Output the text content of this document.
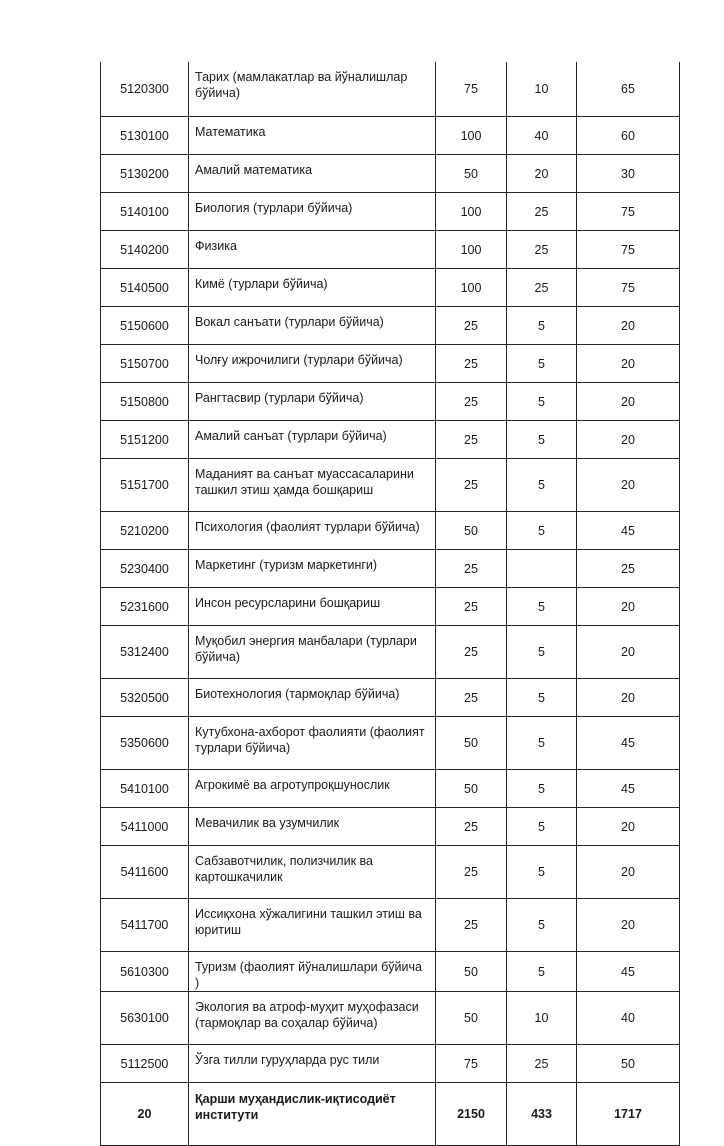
5120300	Тарих (мамлакатлар ва йўналишлар бўйича)	75	10	65
5130100	Математика	100	40	60
5130200	Амалий математика	50	20	30
5140100	Биология (турлари бўйича)	100	25	75
5140200	Физика	100	25	75
5140500	Кимё (турлари бўйича)	100	25	75
5150600	Вокал санъати (турлари бўйича)	25	5	20
5150700	Чолғу ижрочилиги (турлари бўйича)	25	5	20
5150800	Рангтасвир (турлари бўйича)	25	5	20
5151200	Амалий санъат (турлари бўйича)	25	5	20
5151700	Маданият ва санъат муассасаларини ташкил этиш ҳамда бошқариш	25	5	20
5210200	Психология (фаолият турлари бўйича)	50	5	45
5230400	Маркетинг (туризм маркетинги)	25		25
5231600	Инсон ресурсларини бошқариш	25	5	20
5312400	Муқобил энергия манбалари (турлари бўйича)	25	5	20
5320500	Биотехнология (тармоқлар бўйича)	25	5	20
5350600	Кутубхона-ахборот фаолияти (фаолият турлари бўйича)	50	5	45
5410100	Агрокимё ва агротупроқшунослик	50	5	45
5411000	Мевачилик ва узумчилик	25	5	20
5411600	Сабзавотчилик, полизчилик ва картошкачилик	25	5	20
5411700	Иссиқхона хўжалигини ташкил этиш ва юритиш	25	5	20
5610300	Туризм (фаолият йўналишлари бўйича )	50	5	45
5630100	Экология ва атроф-муҳит муҳофазаси (тармоқлар ва соҳалар бўйича)	50	10	40
5112500	Ўзга тилли гуруҳларда рус тили	75	25	50
20	Қарши муҳандислик-иқтисодиёт институти	2150	433	1717
